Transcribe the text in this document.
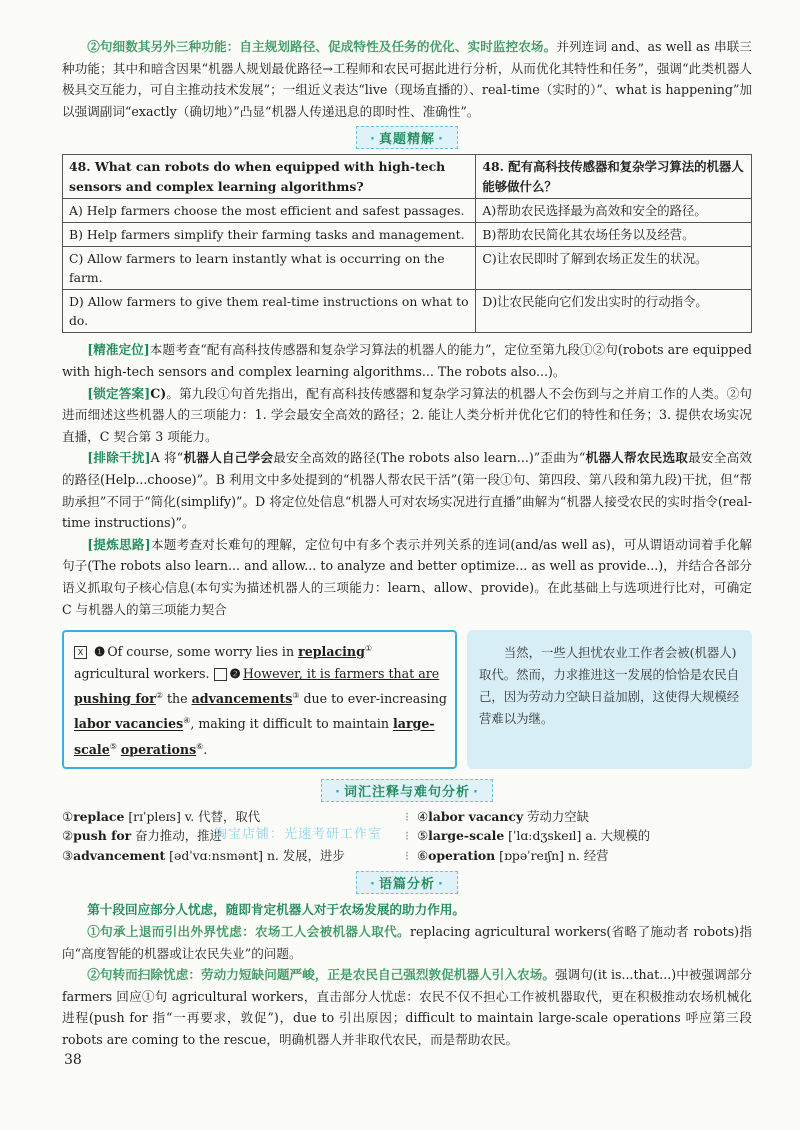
②句细数其另外三种功能：自主规划路径、促成特性及任务的优化、实时监控农场。并列连词 and、as well as 串联三种功能；其中和暗含因果“机器人规划最优路径→工程师和农民可据此进行分析，从而优化其特性和任务”，强调“此类机器人极具交互能力，可自主推动技术发展”；一组近义表达“live（现场直播的）、real-time（实时的）”、what is happening”加以强调副词“exactly（确切地）”凸显“机器人传递迅息的即时性、准确性”。

· 真题精解 ·
48. What can robots do when equipped with high-tech sensors and complex learning algorithms?	48. 配有高科技传感器和复杂学习算法的机器人能够做什么？
A) Help farmers choose the most efficient and safest passages.	A)帮助农民选择最为高效和安全的路径。
B) Help farmers simplify their farming tasks and management.	B)帮助农民简化其农场任务以及经营。
C) Allow farmers to learn instantly what is occurring on the farm.	C)让农民即时了解到农场正发生的状况。
D) Allow farmers to give them real-time instructions on what to do.	D)让农民能向它们发出实时的行动指令。

[精准定位]本题考查“配有高科技传感器和复杂学习算法的机器人的能力”，定位至第九段①②句(robots are equipped with high-tech sensors and complex learning algorithms... The robots also...)。

[锁定答案]C)。第九段①句首先指出，配有高科技传感器和复杂学习算法的机器人不会伤到与之并肩工作的人类。②句进而细述这些机器人的三项能力：1. 学会最安全高效的路径；2. 能让人类分析并优化它们的特性和任务；3. 提供农场实况直播，C 契合第 3 项能力。

[排除干扰]A 将“机器人自己学会最安全高效的路径(The robots also learn...)”歪曲为“机器人帮农民选取最安全高效的路径(Help...choose)”。B 利用文中多处提到的“机器人帮农民干活”(第一段①句、第四段、第八段和第九段)干扰，但“帮助承担”不同于“简化(simplify)”。D 将定位处信息“机器人可对农场实况进行直播”曲解为“机器人接受农民的实时指令(real-time instructions)”。

[提炼思路]本题考查对长难句的理解，定位句中有多个表示并列关系的连词(and/as well as)，可从谓语动词着手化解句子(The robots also learn... and allow... to analyze and better optimize... as well as provide...)，并结合各部分语义抓取句子核心信息(本句实为描述机器人的三项能力：learn、allow、provide)。在此基础上与选项进行比对，可确定 C 与机器人的第三项能力契合

X ❶ Of course, some worry lies in replacing① agricultural workers. ❷ However, it is farmers that are pushing for② the advancements③ due to ever-increasing labor vacancies④, making it difficult to maintain large-scale⑤ operations⑥.
当然，一些人担忧农业工作者会被(机器人)取代。然而，力求推进这一发展的恰恰是农民自己，因为劳动力空缺日益加剧，这使得大规模经营难以为继。
· 词汇注释与难句分析 ·
①replace [rɪˈpleɪs] v. 代替，取代
②push for 奋力推动，推进
③advancement [ədˈvɑːnsmənt] n. 发展，进步
⁝
⁝
⁝
④labor vacancy 劳动力空缺
⑤large-scale [ˈlɑːdʒskeɪl] a. 大规模的
⑥operation [ɒpəˈreɪʃn] n. 经营
· 语篇分析 ·

第十段回应部分人忧虑，随即肯定机器人对于农场发展的助力作用。

①句承上退而引出外界忧虑：农场工人会被机器人取代。replacing agricultural workers(省略了施动者 robots)指向“高度智能的机器或让农民失业”的问题。

②句转而扫除忧虑：劳动力短缺问题严峻，正是农民自己强烈敦促机器人引入农场。强调句(it is...that...)中被强调部分 farmers 回应①句 agricultural workers，直击部分人忧虑：农民不仅不担心工作被机器取代，更在积极推动农场机械化进程(push for 指“一再要求，敦促”)，due to 引出原因；difficult to maintain large-scale operations 呼应第三段 robots are coming to the rescue，明确机器人并非取代农民，而是帮助农民。

淘宝店铺：光速考研工作室
38
